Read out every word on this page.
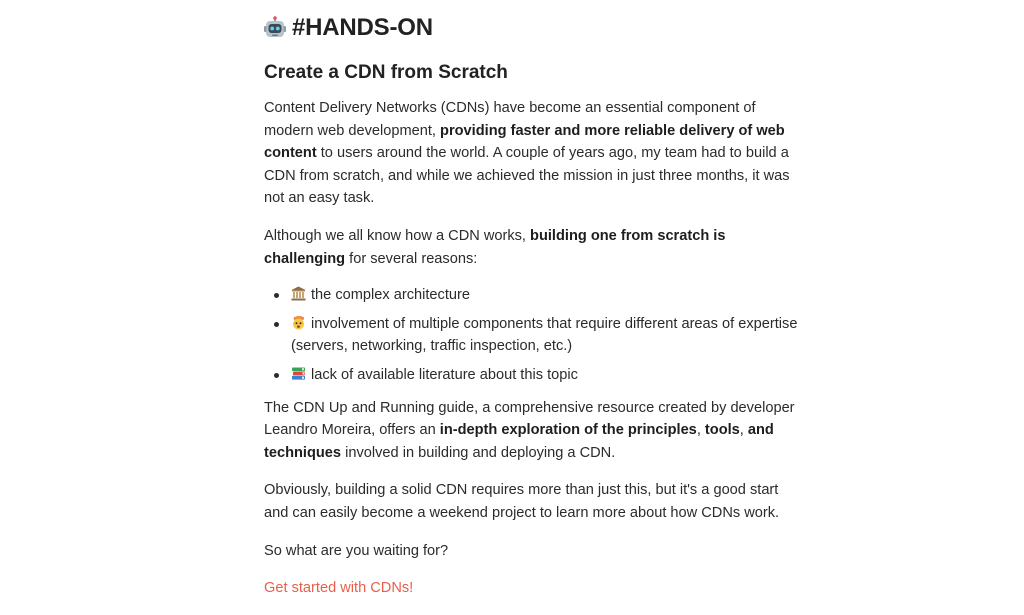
#HANDS-ON
Create a CDN from Scratch

Content Delivery Networks (CDNs) have become an essential component of modern web development, providing faster and more reliable delivery of web content to users around the world. A couple of years ago, my team had to build a CDN from scratch, and while we achieved the mission in just three months, it was not an easy task.

Although we all know how a CDN works, building one from scratch is challenging for several reasons:

the complex architecture
involvement of multiple components that require different areas of expertise (servers, networking, traffic inspection, etc.)
lack of available literature about this topic

The CDN Up and Running guide, a comprehensive resource created by developer Leandro Moreira, offers an in-depth exploration of the principles, tools, and techniques involved in building and deploying a CDN.

Obviously, building a solid CDN requires more than just this, but it's a good start and can easily become a weekend project to learn more about how CDNs work.

So what are you waiting for?

Get started with CDNs!
